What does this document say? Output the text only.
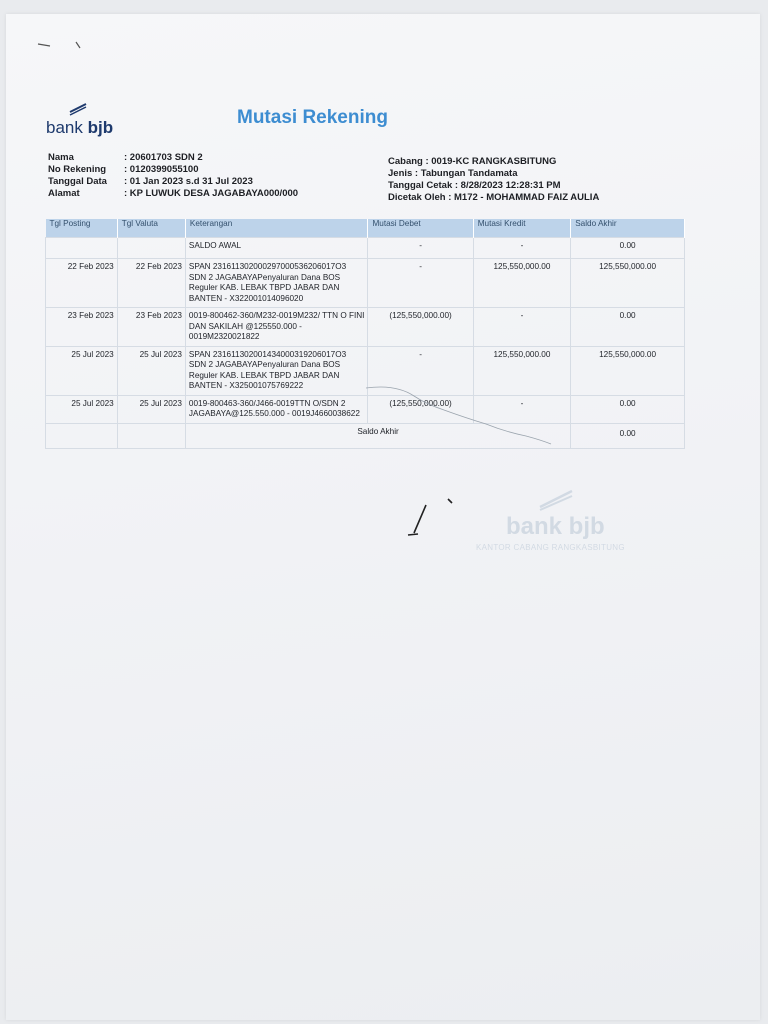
bank bjb	Mutasi Rekening
Nama	: 20601703 SDN 2
No Rekening : 0120399055100
Tanggal Data : 01 Jan 2023 s.d 31 Jul 2023
Alamat	: KP LUWUK DESA JAGABAYA000/000
Cabang : 0019-KC RANGKASBITUNG
Jenis : Tabungan Tandamata
Tanggal Cetak : 8/28/2023 12:28:31 PM
Dicetak Oleh : M172 - MOHAMMAD FAIZ AULIA
Tgl Posting	Tgl Valuta	Keterangan	Mutasi Debet	Mutasi Kredit	Saldo Akhir
		SALDO AWAL	-	-	0.00
22 Feb 2023	22 Feb 2023	SPAN 231611302000297000536206017O3 SDN 2 JAGABAYAPenyaluran Dana BOS Reguler KAB. LEBAK TBPD JABAR DAN BANTEN - X322001014096020	-	125,550,000.00	125,550,000.00
23 Feb 2023	23 Feb 2023	0019-800462-360/M232-0019M232/ TTN O FINI DAN SAKILAH @125550.000 - 0019M2320021822	(125,550,000.00)	-	0.00
25 Jul 2023	25 Jul 2023	SPAN 231611302001434000319206017O3 SDN 2 JAGABAYAPenyaluran Dana BOS Reguler KAB. LEBAK TBPD JABAR DAN BANTEN - X325001075769222	-	125,550,000.00	125,550,000.00
25 Jul 2023	25 Jul 2023	0019-800463-360/J466-0019TTN O/SDN 2 JAGABAYA@125.550.000 - 0019J4660038622	(125,550,000.00)	-	0.00
		Saldo Akhir			0.00
bank bjb
KANTOR CABANG RANGKASBITUNG
